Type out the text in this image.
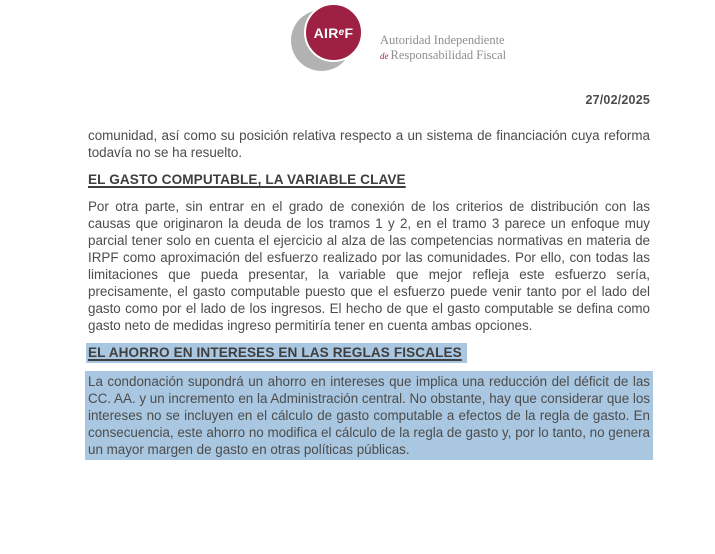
AIR e F Autoridad Independiente
de Responsabilidad Fiscal
27/02/2025

comunidad, así como su posición relativa respecto a un sistema de financiación cuya reforma todavía no se ha resuelto.

EL GASTO COMPUTABLE, LA VARIABLE CLAVE

Por otra parte, sin entrar en el grado de conexión de los criterios de distribución con las causas que originaron la deuda de los tramos 1 y 2, en el tramo 3 parece un enfoque muy parcial tener solo en cuenta el ejercicio al alza de las competencias normativas en materia de IRPF como aproximación del esfuerzo realizado por las comunidades. Por ello, con todas las limitaciones que pueda presentar, la variable que mejor refleja este esfuerzo sería, precisamente, el gasto computable puesto que el esfuerzo puede venir tanto por el lado del gasto como por el lado de los ingresos. El hecho de que el gasto computable se defina como gasto neto de medidas ingreso permitiría tener en cuenta ambas opciones.

EL AHORRO EN INTERESES EN LAS REGLAS FISCALES

La condonación supondrá un ahorro en intereses que implica una reducción del déficit de las CC. AA. y un incremento en la Administración central. No obstante, hay que considerar que los intereses no se incluyen en el cálculo de gasto computable a efectos de la regla de gasto. En consecuencia, este ahorro no modifica el cálculo de la regla de gasto y, por lo tanto, no genera un mayor margen de gasto en otras políticas públicas.
